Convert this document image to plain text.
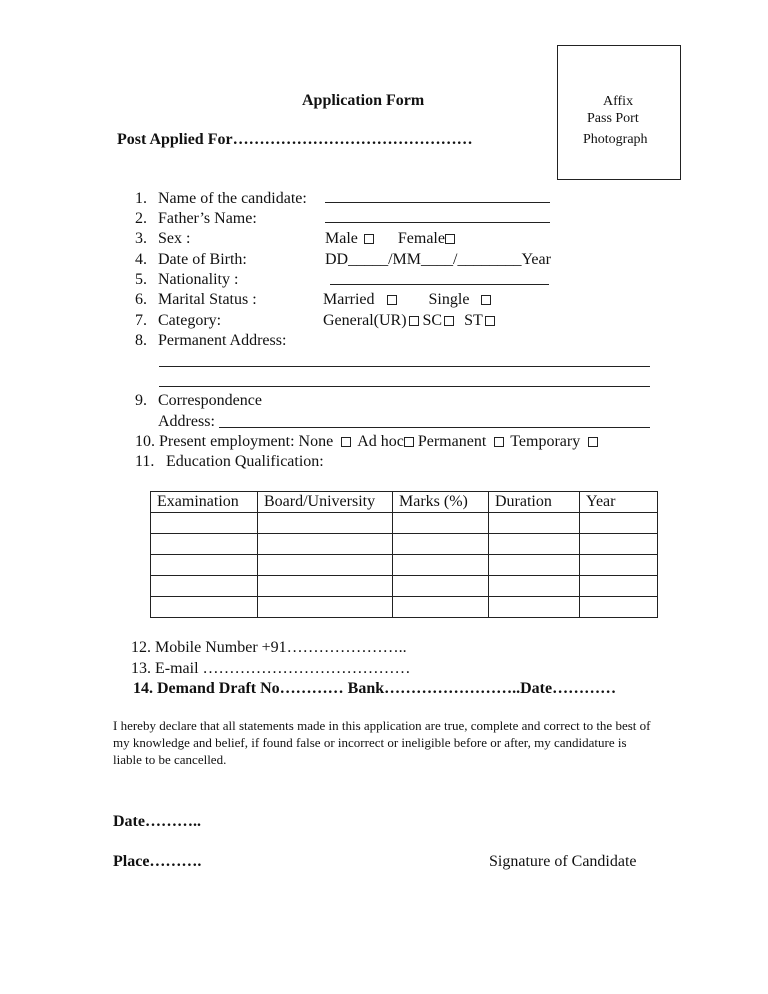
Affix
Pass Port
Photograph
Application Form
Post Applied For………………………………………
1. Name of the candidate:
2. Father’s Name:
3. Sex :	Male	Female
4. Date of Birth:	DD_____/MM____/________Year
5. Nationality :
6. Marital Status :	Married	Single
7. Category:	General(UR) SC ST
8. Permanent Address:
9. Correspondence
Address:
10. Present employment: None Ad hoc Permanent Temporary
11. Education Qualification:
Examination	Board/University	Marks (%)	Duration	Year

12. Mobile Number +91…………………..
13. E-mail …………………………………
14. Demand Draft No………… Bank……………………..Date…………
I hereby declare that all statements made in this application are true, complete and correct to the best of my knowledge and belief, if found false or incorrect or ineligible before or after, my candidature is liable to be cancelled.
Date………..
Place……….	Signature of Candidate
